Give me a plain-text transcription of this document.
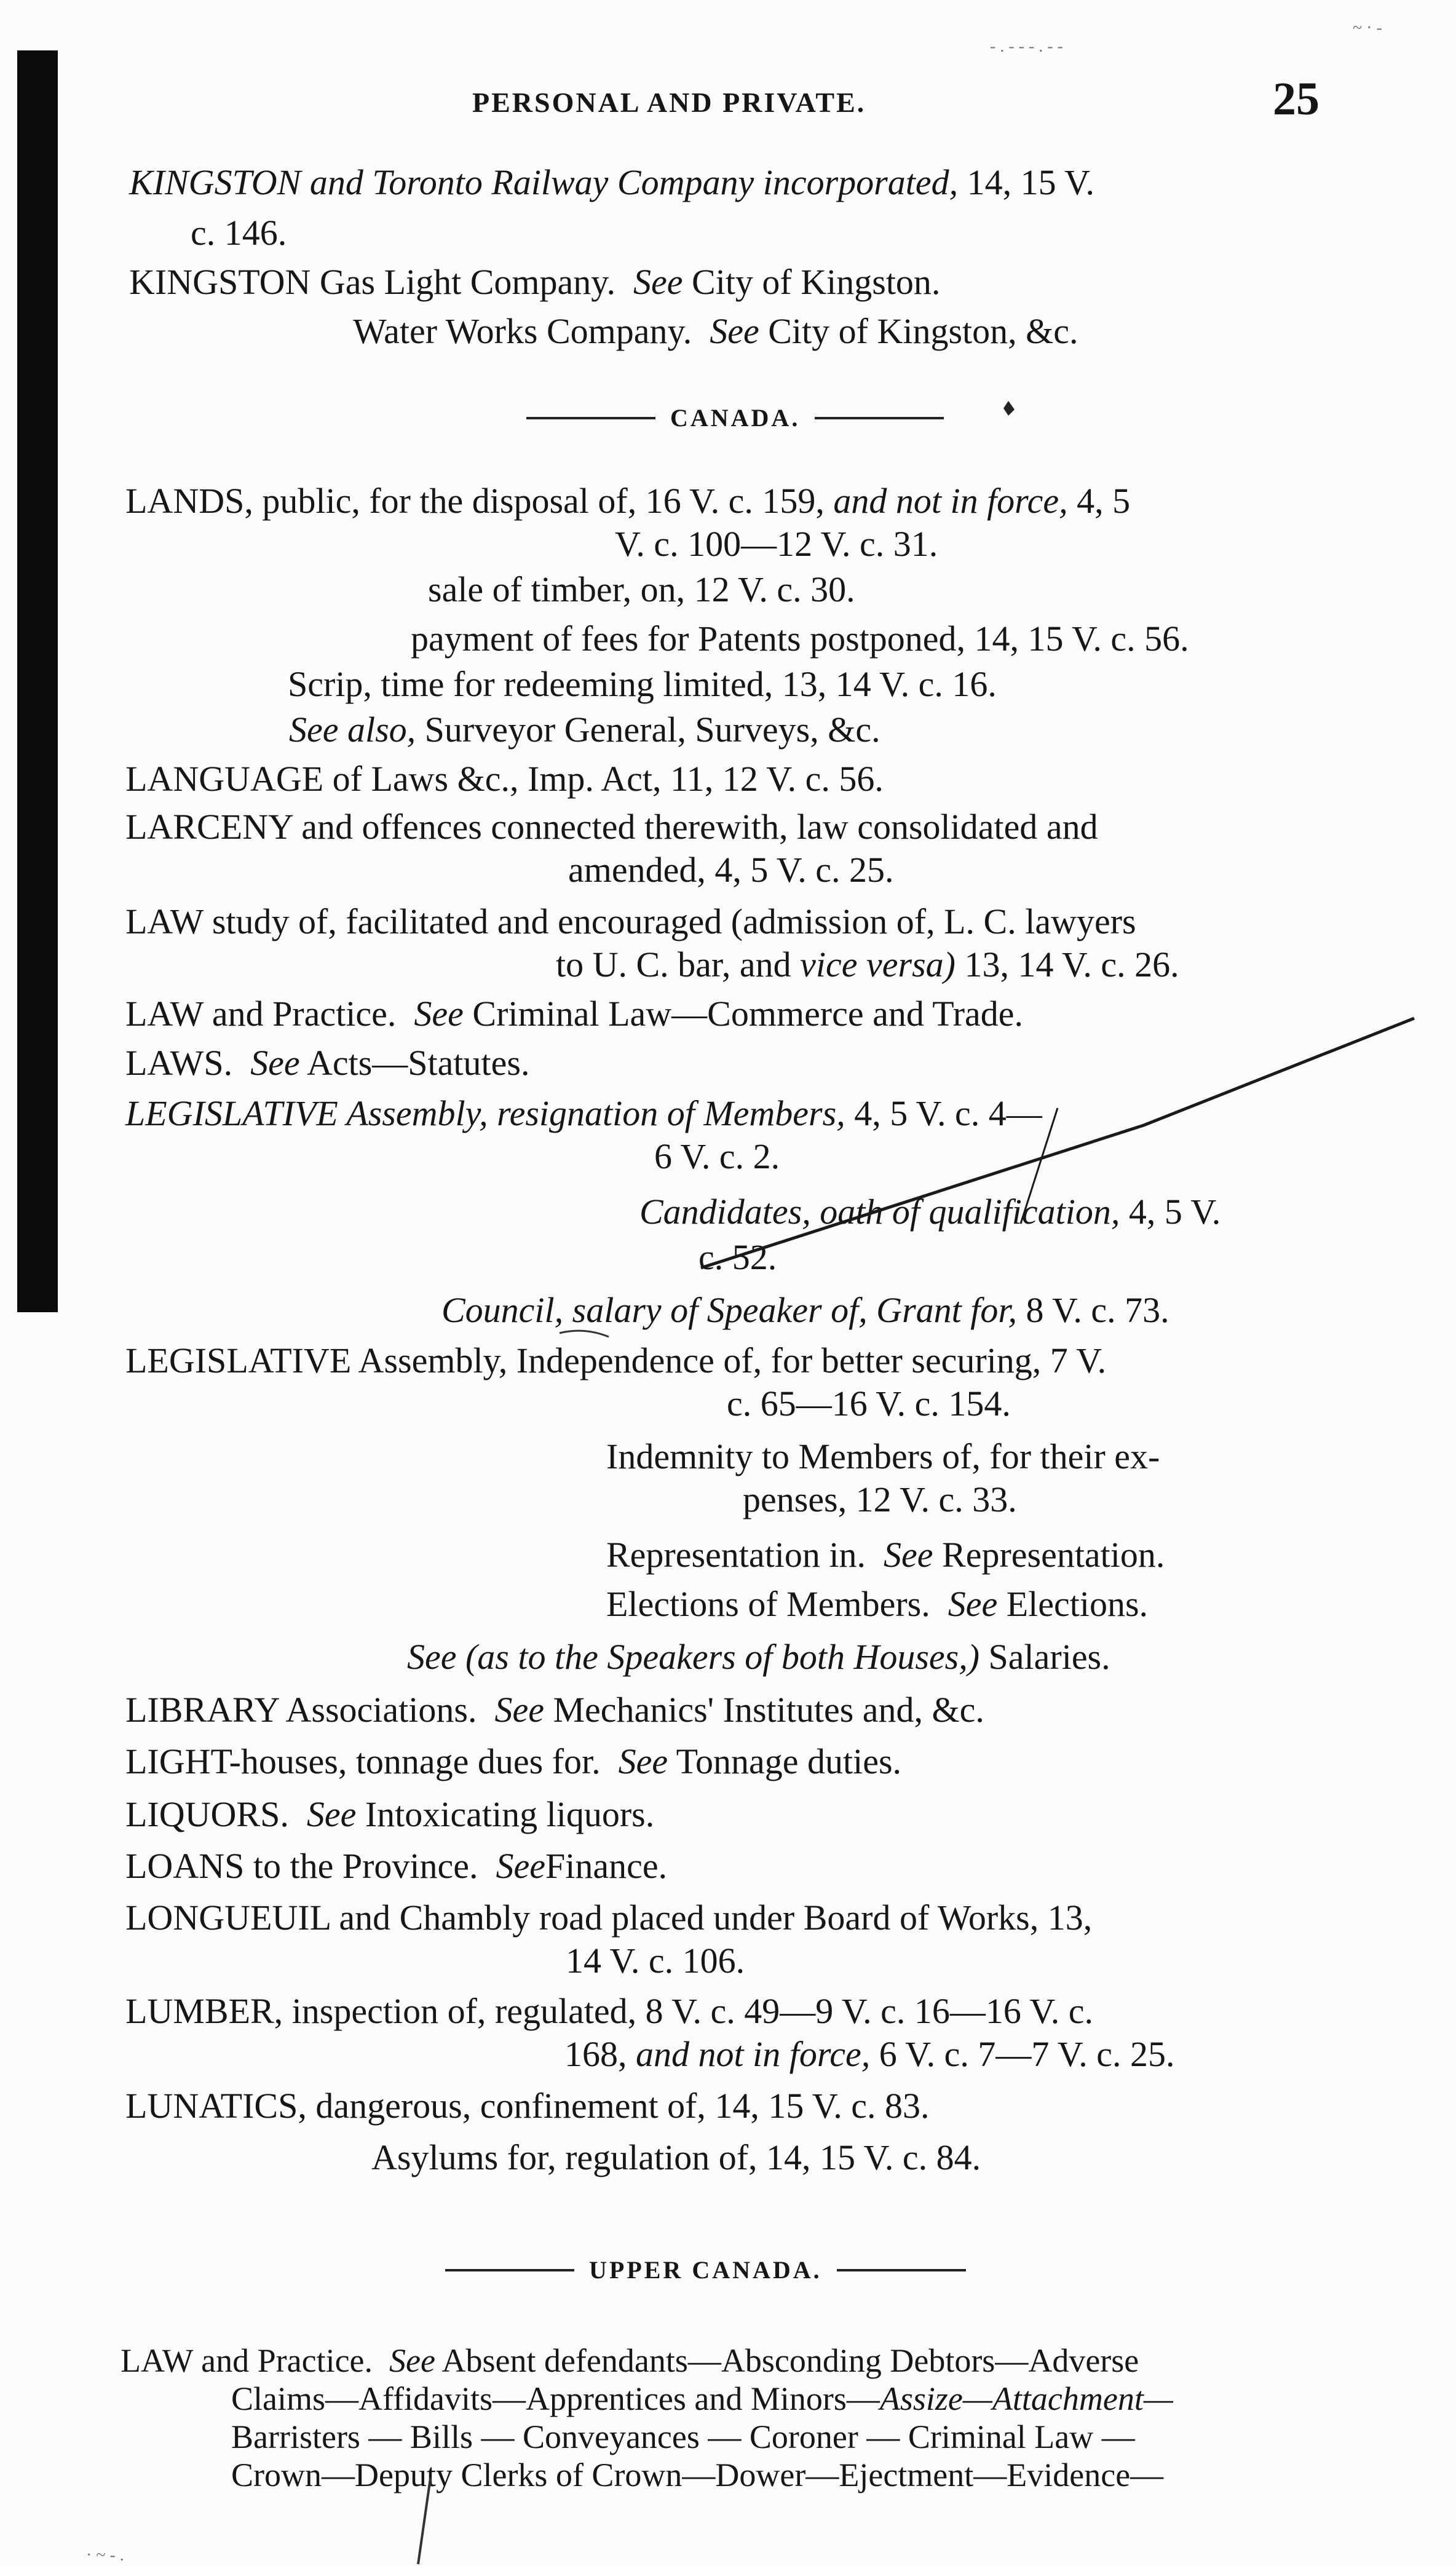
PERSONAL AND PRIVATE.	25
KINGSTON and Toronto Railway Company incorporated, 14, 15 V.
c. 146.
KINGSTON Gas Light Company. See City of Kingston.
Water Works Company. See City of Kingston, &c.
CANADA.
LANDS, public, for the disposal of, 16 V. c. 159, and not in force, 4, 5
V. c. 100—12 V. c. 31.
sale of timber, on, 12 V. c. 30.
payment of fees for Patents postponed, 14, 15 V. c. 56.
Scrip, time for redeeming limited, 13, 14 V. c. 16.
See also, Surveyor General, Surveys, &c.
LANGUAGE of Laws &c., Imp. Act, 11, 12 V. c. 56.
LARCENY and offences connected therewith, law consolidated and
amended, 4, 5 V. c. 25.
LAW study of, facilitated and encouraged (admission of, L. C. lawyers
to U. C. bar, and vice versa) 13, 14 V. c. 26.
LAW and Practice. See Criminal Law—Commerce and Trade.
LAWS. See Acts—Statutes.
LEGISLATIVE Assembly, resignation of Members, 4, 5 V. c. 4—
6 V. c. 2.
Candidates, oath of qualification, 4, 5 V.
c. 52.
Council, salary of Speaker of, Grant for, 8 V. c. 73.
LEGISLATIVE Assembly, Independence of, for better securing, 7 V.
c. 65—16 V. c. 154.
Indemnity to Members of, for their ex-
penses, 12 V. c. 33.
Representation in. See Representation.
Elections of Members. See Elections.
See (as to the Speakers of both Houses,) Salaries.
LIBRARY Associations. See Mechanics' Institutes and, &c.
LIGHT-houses, tonnage dues for. See Tonnage duties.
LIQUORS. See Intoxicating liquors.
LOANS to the Province. SeeFinance.
LONGUEUIL and Chambly road placed under Board of Works, 13,
14 V. c. 106.
LUMBER, inspection of, regulated, 8 V. c. 49—9 V. c. 16—16 V. c.
168, and not in force, 6 V. c. 7—7 V. c. 25.
LUNATICS, dangerous, confinement of, 14, 15 V. c. 83.
Asylums for, regulation of, 14, 15 V. c. 84.
UPPER CANADA.
LAW and Practice. See Absent defendants—Absconding Debtors—Adverse
Claims—Affidavits—Apprentices and Minors—Assize—Attachment—
Barristers — Bills — Conveyances — Coroner — Criminal Law —
Crown—Deputy Clerks of Crown—Dower—Ejectment—Evidence—
- . - - - . - -
~ · -
· ~ - .
